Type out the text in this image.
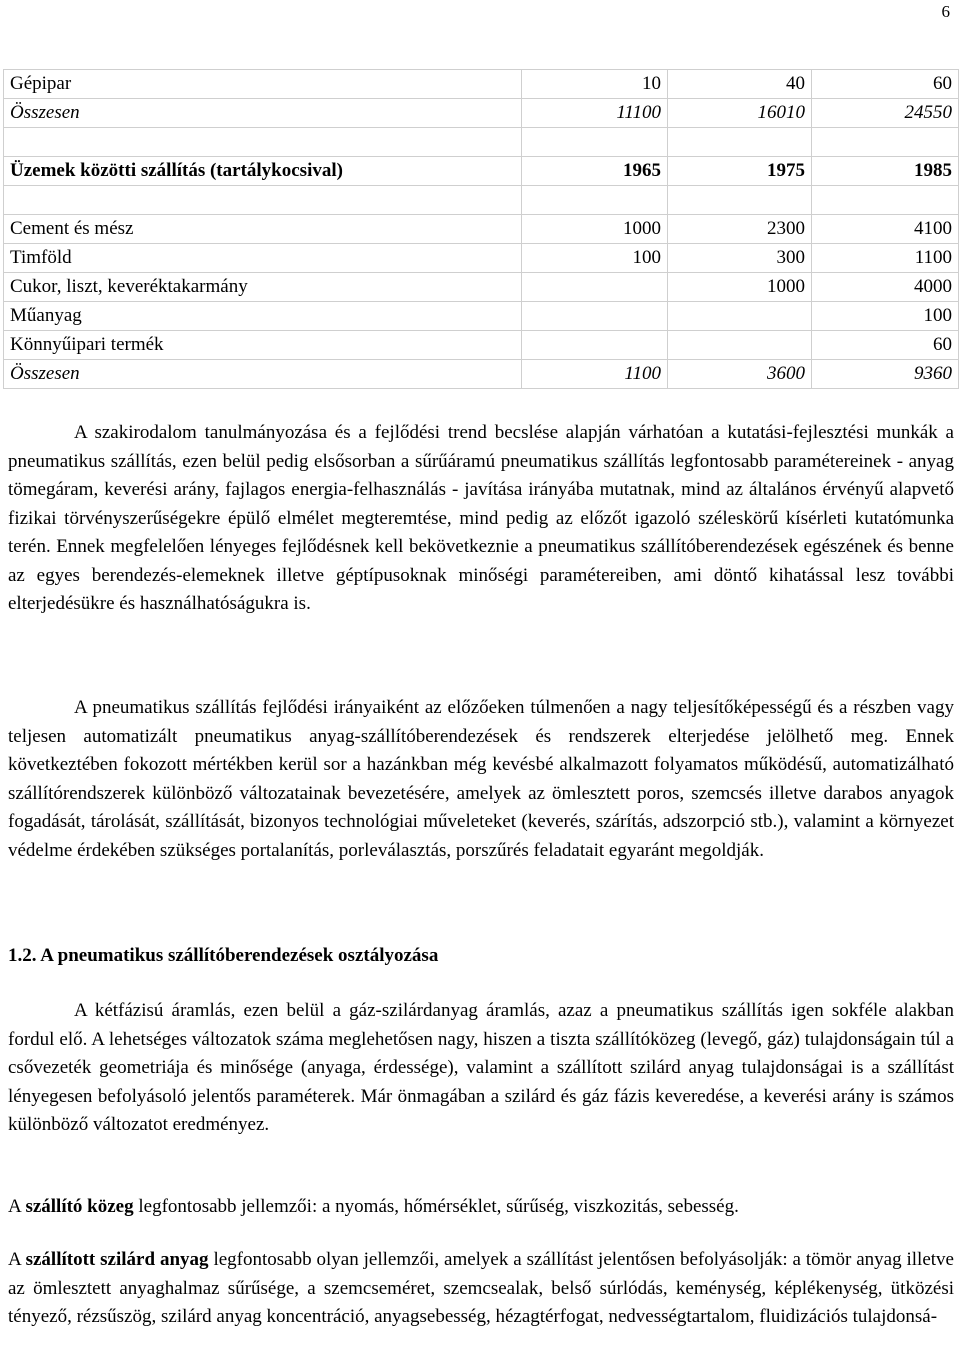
6
Gépipar	10	40	60
Összesen	11100	16010	24550

Üzemek közötti szállítás (tartálykocsival)	1965	1975	1985

Cement és mész	1000	2300	4100
Timföld	100	300	1100
Cukor, liszt, keveréktakarmány		1000	4000
Műanyag			100
Könnyűipari termék			60
Összesen	1100	3600	9360
A szakirodalom tanulmányozása és a fejlődési trend becslése alapján várhatóan a kutatási-fejlesztési munkák a pneumatikus szállítás, ezen belül pedig elsősorban a sűrűáramú pneumatikus szállítás legfontosabb paramétereinek - anyag tömegáram, keverési arány, fajlagos energia-felhasználás - javítása irányába mutatnak, mind az általános érvényű alapvető fizikai törvényszerűségekre épülő elmélet megteremtése, mind pedig az előzőt igazoló széleskörű kísérleti kutatómunka terén. Ennek megfelelően lényeges fejlődésnek kell bekövetkeznie a pneumatikus szállítóberendezések egészének és benne az egyes berendezés-elemeknek illetve géptípusoknak minőségi paramétereiben, ami döntő kihatással lesz további elterjedésükre és használhatóságukra is.
A pneumatikus szállítás fejlődési irányaiként az előzőeken túlmenően a nagy teljesítőképességű és a részben vagy teljesen automatizált pneumatikus anyag-szállítóberendezések és rendszerek elterjedése jelölhető meg. Ennek következtében fokozott mértékben kerül sor a hazánkban még kevésbé alkalmazott folyamatos működésű, automatizálható szállítórendszerek különböző változatainak bevezetésére, amelyek az ömlesztett poros, szemcsés illetve darabos anyagok fogadását, tárolását, szállítását, bizonyos technológiai műveleteket (keverés, szárítás, adszorpció stb.), valamint a környezet védelme érdekében szükséges portalanítás, porleválasztás, porszűrés feladatait egyaránt megoldják.
1.2. A pneumatikus szállítóberendezések osztályozása
A kétfázisú áramlás, ezen belül a gáz-szilárdanyag áramlás, azaz a pneumatikus szállítás igen sokféle alakban fordul elő. A lehetséges változatok száma meglehetősen nagy, hiszen a tiszta szállítóközeg (levegő, gáz) tulajdonságain túl a csővezeték geometriája és minősége (anyaga, érdessége), valamint a szállított szilárd anyag tulajdonságai is a szállítást lényegesen befolyásoló jelentős paraméterek. Már önmagában a szilárd és gáz fázis keveredése, a keverési arány is számos különböző változatot eredményez.
A szállító közeg legfontosabb jellemzői: a nyomás, hőmérséklet, sűrűség, viszkozitás, sebesség.
A szállított szilárd anyag legfontosabb olyan jellemzői, amelyek a szállítást jelentősen befolyásolják: a tömör anyag illetve az ömlesztett anyaghalmaz sűrűsége, a szemcseméret, szemcsealak, belső súrlódás, keménység, képlékenység, ütközési tényező, rézsűszög, szilárd anyag koncentráció, anyagsebesség, hézagtérfogat, nedvességtartalom, fluidizációs tulajdonsá-
